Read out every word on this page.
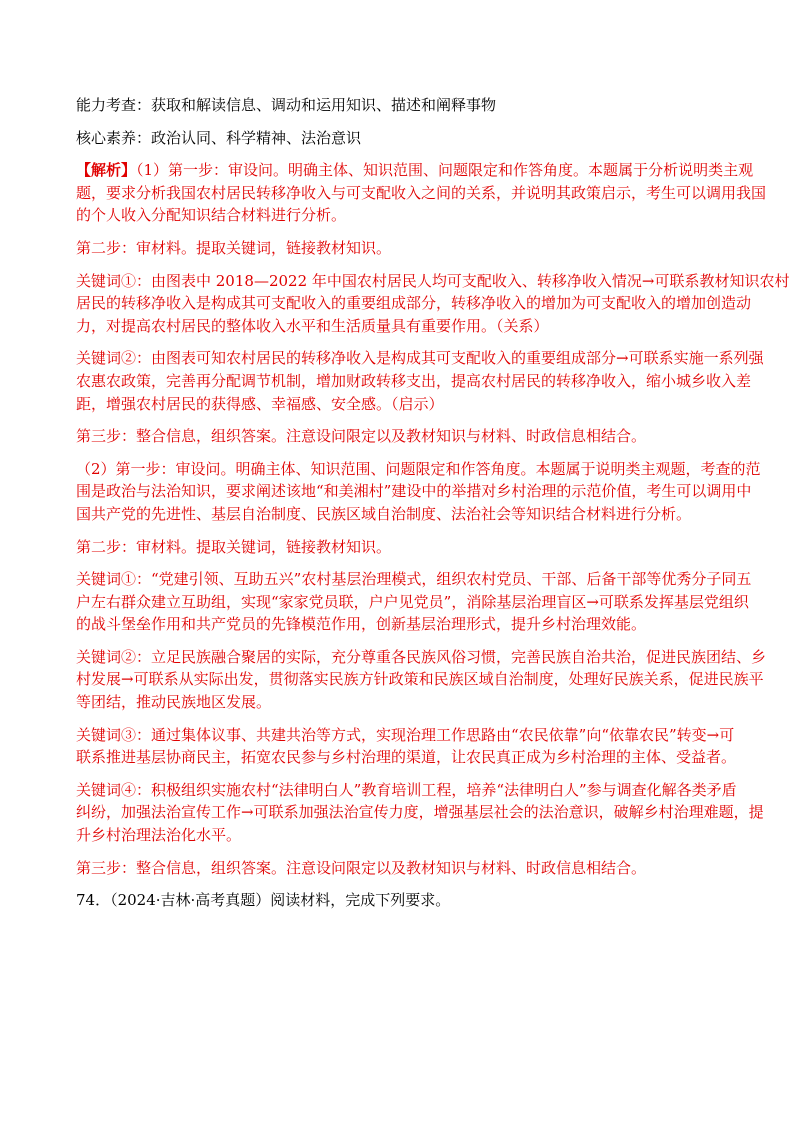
能力考查：获取和解读信息、调动和运用知识、描述和阐释事物
核心素养：政治认同、科学精神、法治意识
【解析】（1）第一步：审设问。明确主体、知识范围、问题限定和作答角度。本题属于分析说明类主观
题，要求分析我国农村居民转移净收入与可支配收入之间的关系，并说明其政策启示，考生可以调用我国
的个人收入分配知识结合材料进行分析。
第二步：审材料。提取关键词，链接教材知识。
关键词①：由图表中 2018—2022 年中国农村居民人均可支配收入、转移净收入情况→可联系教材知识农村
居民的转移净收入是构成其可支配收入的重要组成部分，转移净收入的增加为可支配收入的增加创造动
力，对提高农村居民的整体收入水平和生活质量具有重要作用。（关系）
关键词②：由图表可知农村居民的转移净收入是构成其可支配收入的重要组成部分→可联系实施一系列强
农惠农政策，完善再分配调节机制，增加财政转移支出，提高农村居民的转移净收入，缩小城乡收入差
距，增强农村居民的获得感、幸福感、安全感。（启示）
第三步：整合信息，组织答案。注意设问限定以及教材知识与材料、时政信息相结合。
（2）第一步：审设问。明确主体、知识范围、问题限定和作答角度。本题属于说明类主观题，考查的范
围是政治与法治知识，要求阐述该地“和美湘村”建设中的举措对乡村治理的示范价值，考生可以调用中
国共产党的先进性、基层自治制度、民族区域自治制度、法治社会等知识结合材料进行分析。
第二步：审材料。提取关键词，链接教材知识。
关键词①：“党建引领、互助五兴”农村基层治理模式，组织农村党员、干部、后备干部等优秀分子同五
户左右群众建立互助组，实现“家家党员联，户户见党员”，消除基层治理盲区→可联系发挥基层党组织
的战斗堡垒作用和共产党员的先锋模范作用，创新基层治理形式，提升乡村治理效能。
关键词②：立足民族融合聚居的实际，充分尊重各民族风俗习惯，完善民族自治共治，促进民族团结、乡
村发展→可联系从实际出发，贯彻落实民族方针政策和民族区域自治制度，处理好民族关系，促进民族平
等团结，推动民族地区发展。
关键词③：通过集体议事、共建共治等方式，实现治理工作思路由“农民依靠”向“依靠农民”转变→可
联系推进基层协商民主，拓宽农民参与乡村治理的渠道，让农民真正成为乡村治理的主体、受益者。
关键词④：积极组织实施农村“法律明白人”教育培训工程，培养“法律明白人”参与调查化解各类矛盾
纠纷，加强法治宣传工作→可联系加强法治宣传力度，增强基层社会的法治意识，破解乡村治理难题，提
升乡村治理法治化水平。
第三步：整合信息，组织答案。注意设问限定以及教材知识与材料、时政信息相结合。
74．（2024·吉林·高考真题）阅读材料，完成下列要求。
